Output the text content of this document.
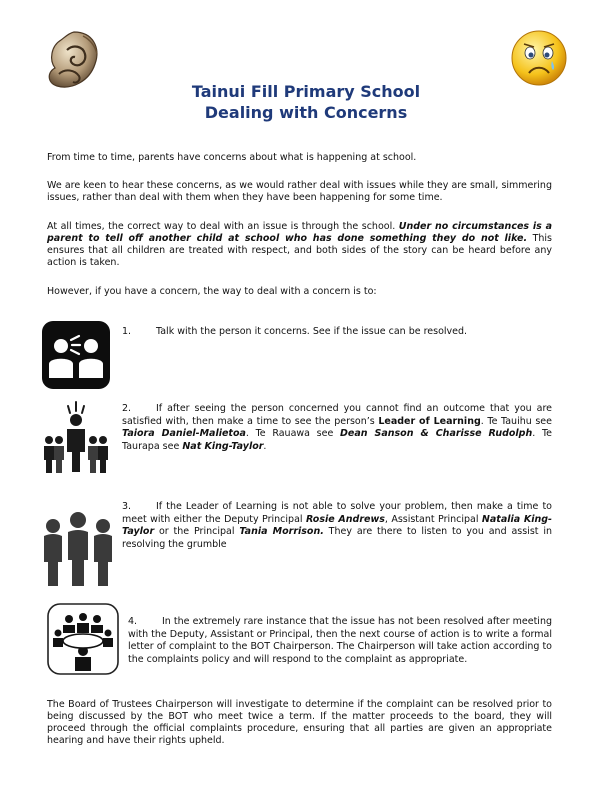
Tainui Fill Primary School
Dealing with Concerns

From time to time, parents have concerns about what is happening at school.

We are keen to hear these concerns, as we would rather deal with issues while they are small, simmering issues, rather than deal with them when they have been happening for some time.

At all times, the correct way to deal with an issue is through the school. Under no circumstances is a parent to tell off another child at school who has done something they do not like. This ensures that all children are treated with respect, and both sides of the story can be heard before any action is taken.

However, if you have a concern, the way to deal with a concern is to:

1.	Talk with the person it concerns. See if the issue can be resolved.

2.	If after seeing the person concerned you cannot find an outcome that you are satisfied with, then make a time to see the person’s Leader of Learning. Te Tauihu see Taiora Daniel-Malietoa. Te Rauawa see Dean Sanson & Charisse Rudolph. Te Taurapa see Nat King-Taylor.

3.	If the Leader of Learning is not able to solve your problem, then make a time to meet with either the Deputy Principal Rosie Andrews, Assistant Principal Natalia King-Taylor or the Principal Tania Morrison. They are there to listen to you and assist in resolving the grumble

4.	In the extremely rare instance that the issue has not been resolved after meeting with the Deputy, Assistant or Principal, then the next course of action is to write a formal letter of complaint to the BOT Chairperson. The Chairperson will take action according to the complaints policy and will respond to the complaint as appropriate.

The Board of Trustees Chairperson will investigate to determine if the complaint can be resolved prior to being discussed by the BOT who meet twice a term. If the matter proceeds to the board, they will proceed through the official complaints procedure, ensuring that all parties are given an appropriate hearing and have their rights upheld.
